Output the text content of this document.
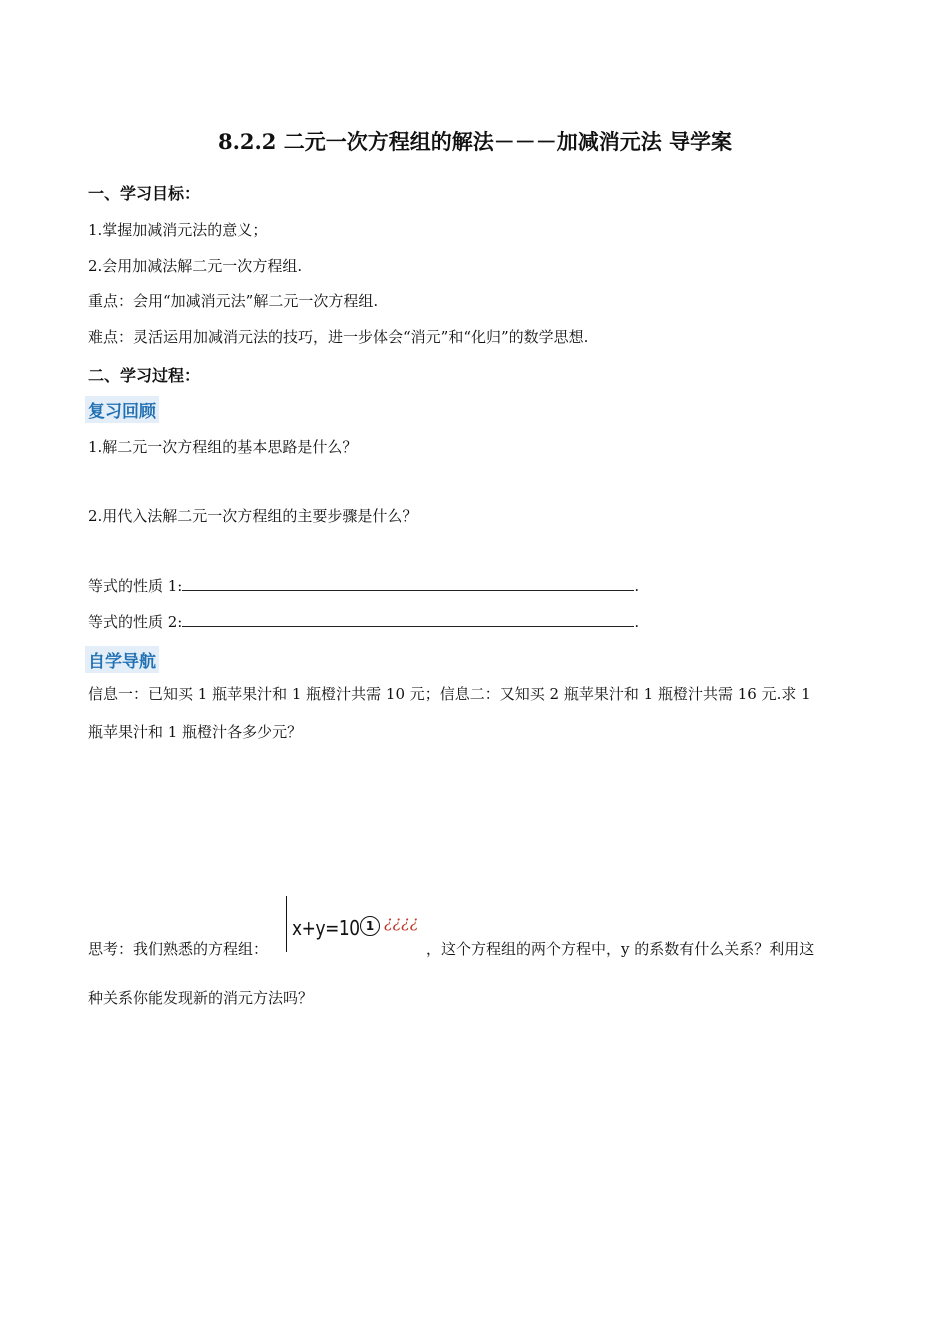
8.2.2 二元一次方程组的解法－－－加减消元法 导学案
一、学习目标：
1.掌握加减消元法的意义；
2.会用加减法解二元一次方程组.
重点：会用“加减消元法”解二元一次方程组.
难点：灵活运用加减消元法的技巧，进一步体会“消元”和“化归”的数学思想.
二、学习过程：
复习回顾
1.解二元一次方程组的基本思路是什么？
2.用代入法解二元一次方程组的主要步骤是什么？
等式的性质 1:	.
等式的性质 2:	.
自学导航
信息一：已知买 1 瓶苹果汁和 1 瓶橙汁共需 10 元；信息二：又知买 2 瓶苹果汁和 1 瓶橙汁共需 16 元.求 1
瓶苹果汁和 1 瓶橙汁各多少元？
思考：我们熟悉的方程组：
x+y=10 1 ¿¿¿¿
，这个方程组的两个方程中，y 的系数有什么关系？利用这
种关系你能发现新的消元方法吗？
